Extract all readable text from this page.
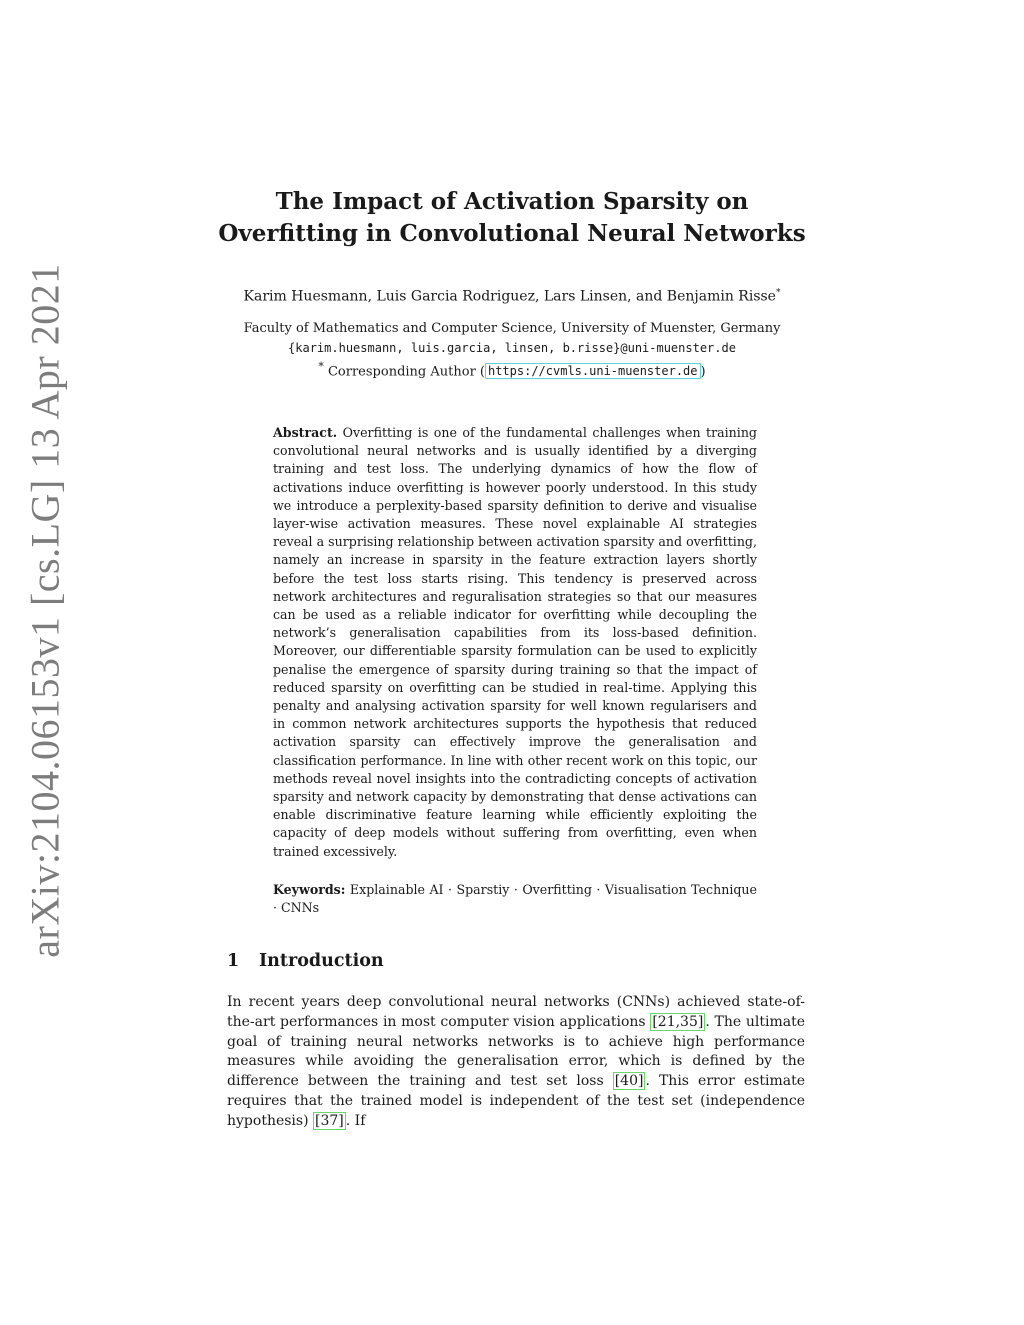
arXiv:2104.06153v1 [cs.LG] 13 Apr 2021
The Impact of Activation Sparsity on
Overfitting in Convolutional Neural Networks
Karim Huesmann, Luis Garcia Rodriguez, Lars Linsen, and Benjamin Risse*
Faculty of Mathematics and Computer Science, University of Muenster, Germany
{karim.huesmann, luis.garcia, linsen, b.risse}@uni-muenster.de
* Corresponding Author ( https://cvmls.uni-muenster.de )
Abstract. Overfitting is one of the fundamental challenges when training convolutional neural networks and is usually identified by a diverging training and test loss. The underlying dynamics of how the flow of activations induce overfitting is however poorly understood. In this study we introduce a perplexity-based sparsity definition to derive and visualise layer-wise activation measures. These novel explainable AI strategies reveal a surprising relationship between activation sparsity and overfitting, namely an increase in sparsity in the feature extraction layers shortly before the test loss starts rising. This tendency is preserved across network architectures and reguralisation strategies so that our measures can be used as a reliable indicator for overfitting while decoupling the network’s generalisation capabilities from its loss-based definition. Moreover, our differentiable sparsity formulation can be used to explicitly penalise the emergence of sparsity during training so that the impact of reduced sparsity on overfitting can be studied in real-time. Applying this penalty and analysing activation sparsity for well known regularisers and in common network architectures supports the hypothesis that reduced activation sparsity can effectively improve the generalisation and classification performance. In line with other recent work on this topic, our methods reveal novel insights into the contradicting concepts of activation sparsity and network capacity by demonstrating that dense activations can enable discriminative feature learning while efficiently exploiting the capacity of deep models without suffering from overfitting, even when trained excessively.
Keywords: Explainable AI · Sparstiy · Overfitting · Visualisation Technique · CNNs
1 Introduction
In recent years deep convolutional neural networks (CNNs) achieved state-of-the-art performances in most computer vision applications [21,35] . The ultimate goal of training neural networks networks is to achieve high performance measures while avoiding the generalisation error, which is defined by the difference between the training and test set loss [40] . This error estimate requires that the trained model is independent of the test set (independence hypothesis) [37] . If
